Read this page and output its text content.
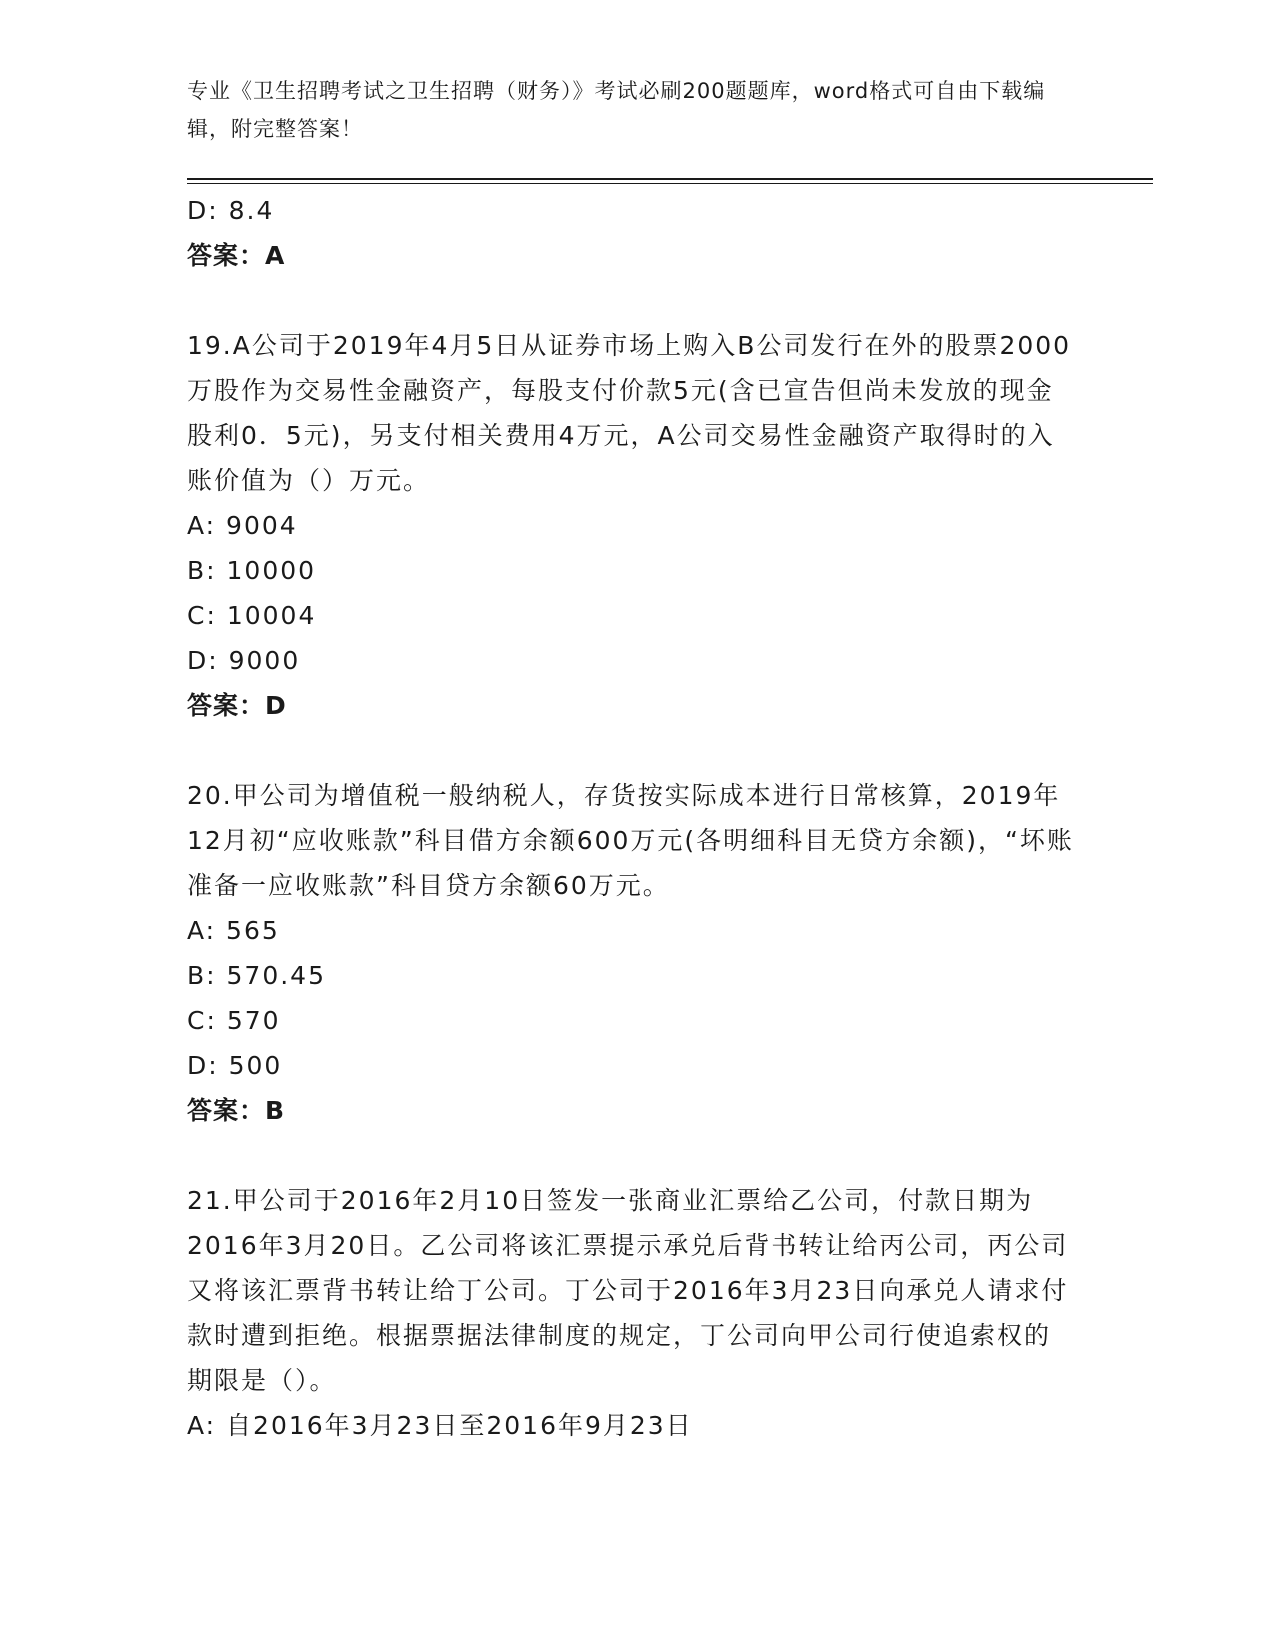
专业《卫生招聘考试之卫生招聘（财务）》考试必刷200题题库，word格式可自由下载编辑，附完整答案！
D: 8.4
答案：A
19.A公司于2019年4月5日从证券市场上购入B公司发行在外的股票2000万股作为交易性金融资产，每股支付价款5元(含已宣告但尚未发放的现金股利0．5元)，另支付相关费用4万元，A公司交易性金融资产取得时的入账价值为（）万元。
A: 9004
B: 10000
C: 10004
D: 9000
答案：D
20.甲公司为增值税一般纳税人，存货按实际成本进行日常核算，2019年12月初“应收账款”科目借方余额600万元(各明细科目无贷方余额)，“坏账准备一应收账款”科目贷方余额60万元。
A: 565
B: 570.45
C: 570
D: 500
答案：B
21.甲公司于2016年2月10日签发一张商业汇票给乙公司，付款日期为2016年3月20日。乙公司将该汇票提示承兑后背书转让给丙公司，丙公司又将该汇票背书转让给丁公司。丁公司于2016年3月23日向承兑人请求付款时遭到拒绝。根据票据法律制度的规定，丁公司向甲公司行使追索权的期限是（）。
A: 自2016年3月23日至2016年9月23日
